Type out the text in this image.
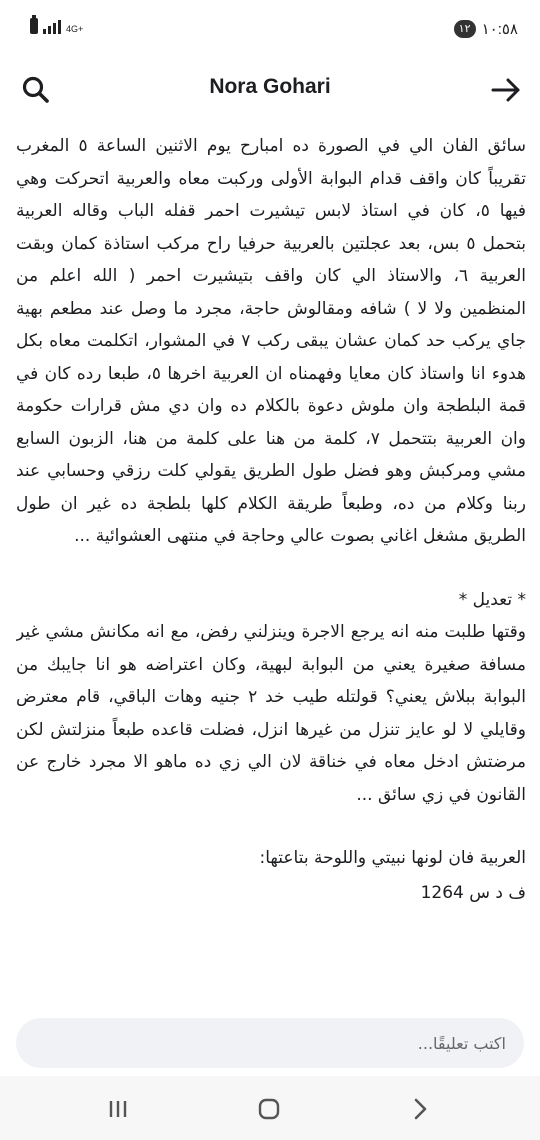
4G+	١٢ ١٠:٥٨
Nora Gohari

سائق الفان الي في الصورة ده امبارح يوم الاثنين الساعة ٥ المغرب تقريباً كان واقف قدام البوابة الأولى وركبت معاه والعربية اتحركت وهي فيها ٥، كان في استاذ لابس تيشيرت احمر قفله الباب وقاله العربية بتحمل ٥ بس، بعد عجلتين بالعربية حرفيا راح مركب استاذة كمان وبقت العربية ٦، والاستاذ الي كان واقف بتيشيرت احمر ( الله اعلم من المنظمين ولا لا ) شافه ومقالوش حاجة، مجرد ما وصل عند مطعم بهية جاي يركب حد كمان عشان يبقى ركب ٧ في المشوار، اتكلمت معاه بكل هدوء انا واستاذ كان معايا وفهمناه ان العربية اخرها ٥، طبعا رده كان في قمة البلطجة وان ملوش دعوة بالكلام ده وان دي مش قرارات حكومة وان العربية بتتحمل ٧، كلمة من هنا على كلمة من هنا، الزبون السابع مشي ومركبش وهو فضل طول الطريق يقولي كلت رزقي وحسابي عند ربنا وكلام من ده، وطبعاً طريقة الكلام كلها بلطجة ده غير ان طول الطريق مشغل اغاني بصوت عالي وحاجة في منتهى العشوائية ...

* تعديل *

وقتها طلبت منه انه يرجع الاجرة وينزلني رفض، مع انه مكانش مشي غير مسافة صغيرة يعني من البوابة لبهية، وكان اعتراضه هو انا جايبك من البوابة ببلاش يعني؟ قولتله طيب خد ٢ جنيه وهات الباقي، قام معترض وقايلي لا لو عايز تنزل من غيرها انزل، فضلت قاعده طبعاً منزلتش لكن مرضتش ادخل معاه في خناقة لان الي زي ده ماهو الا مجرد خارج عن القانون في زي سائق ...

العربية فان لونها نبيتي واللوحة بتاعتها:

ف د س 1264

اكتب تعليقًا...
